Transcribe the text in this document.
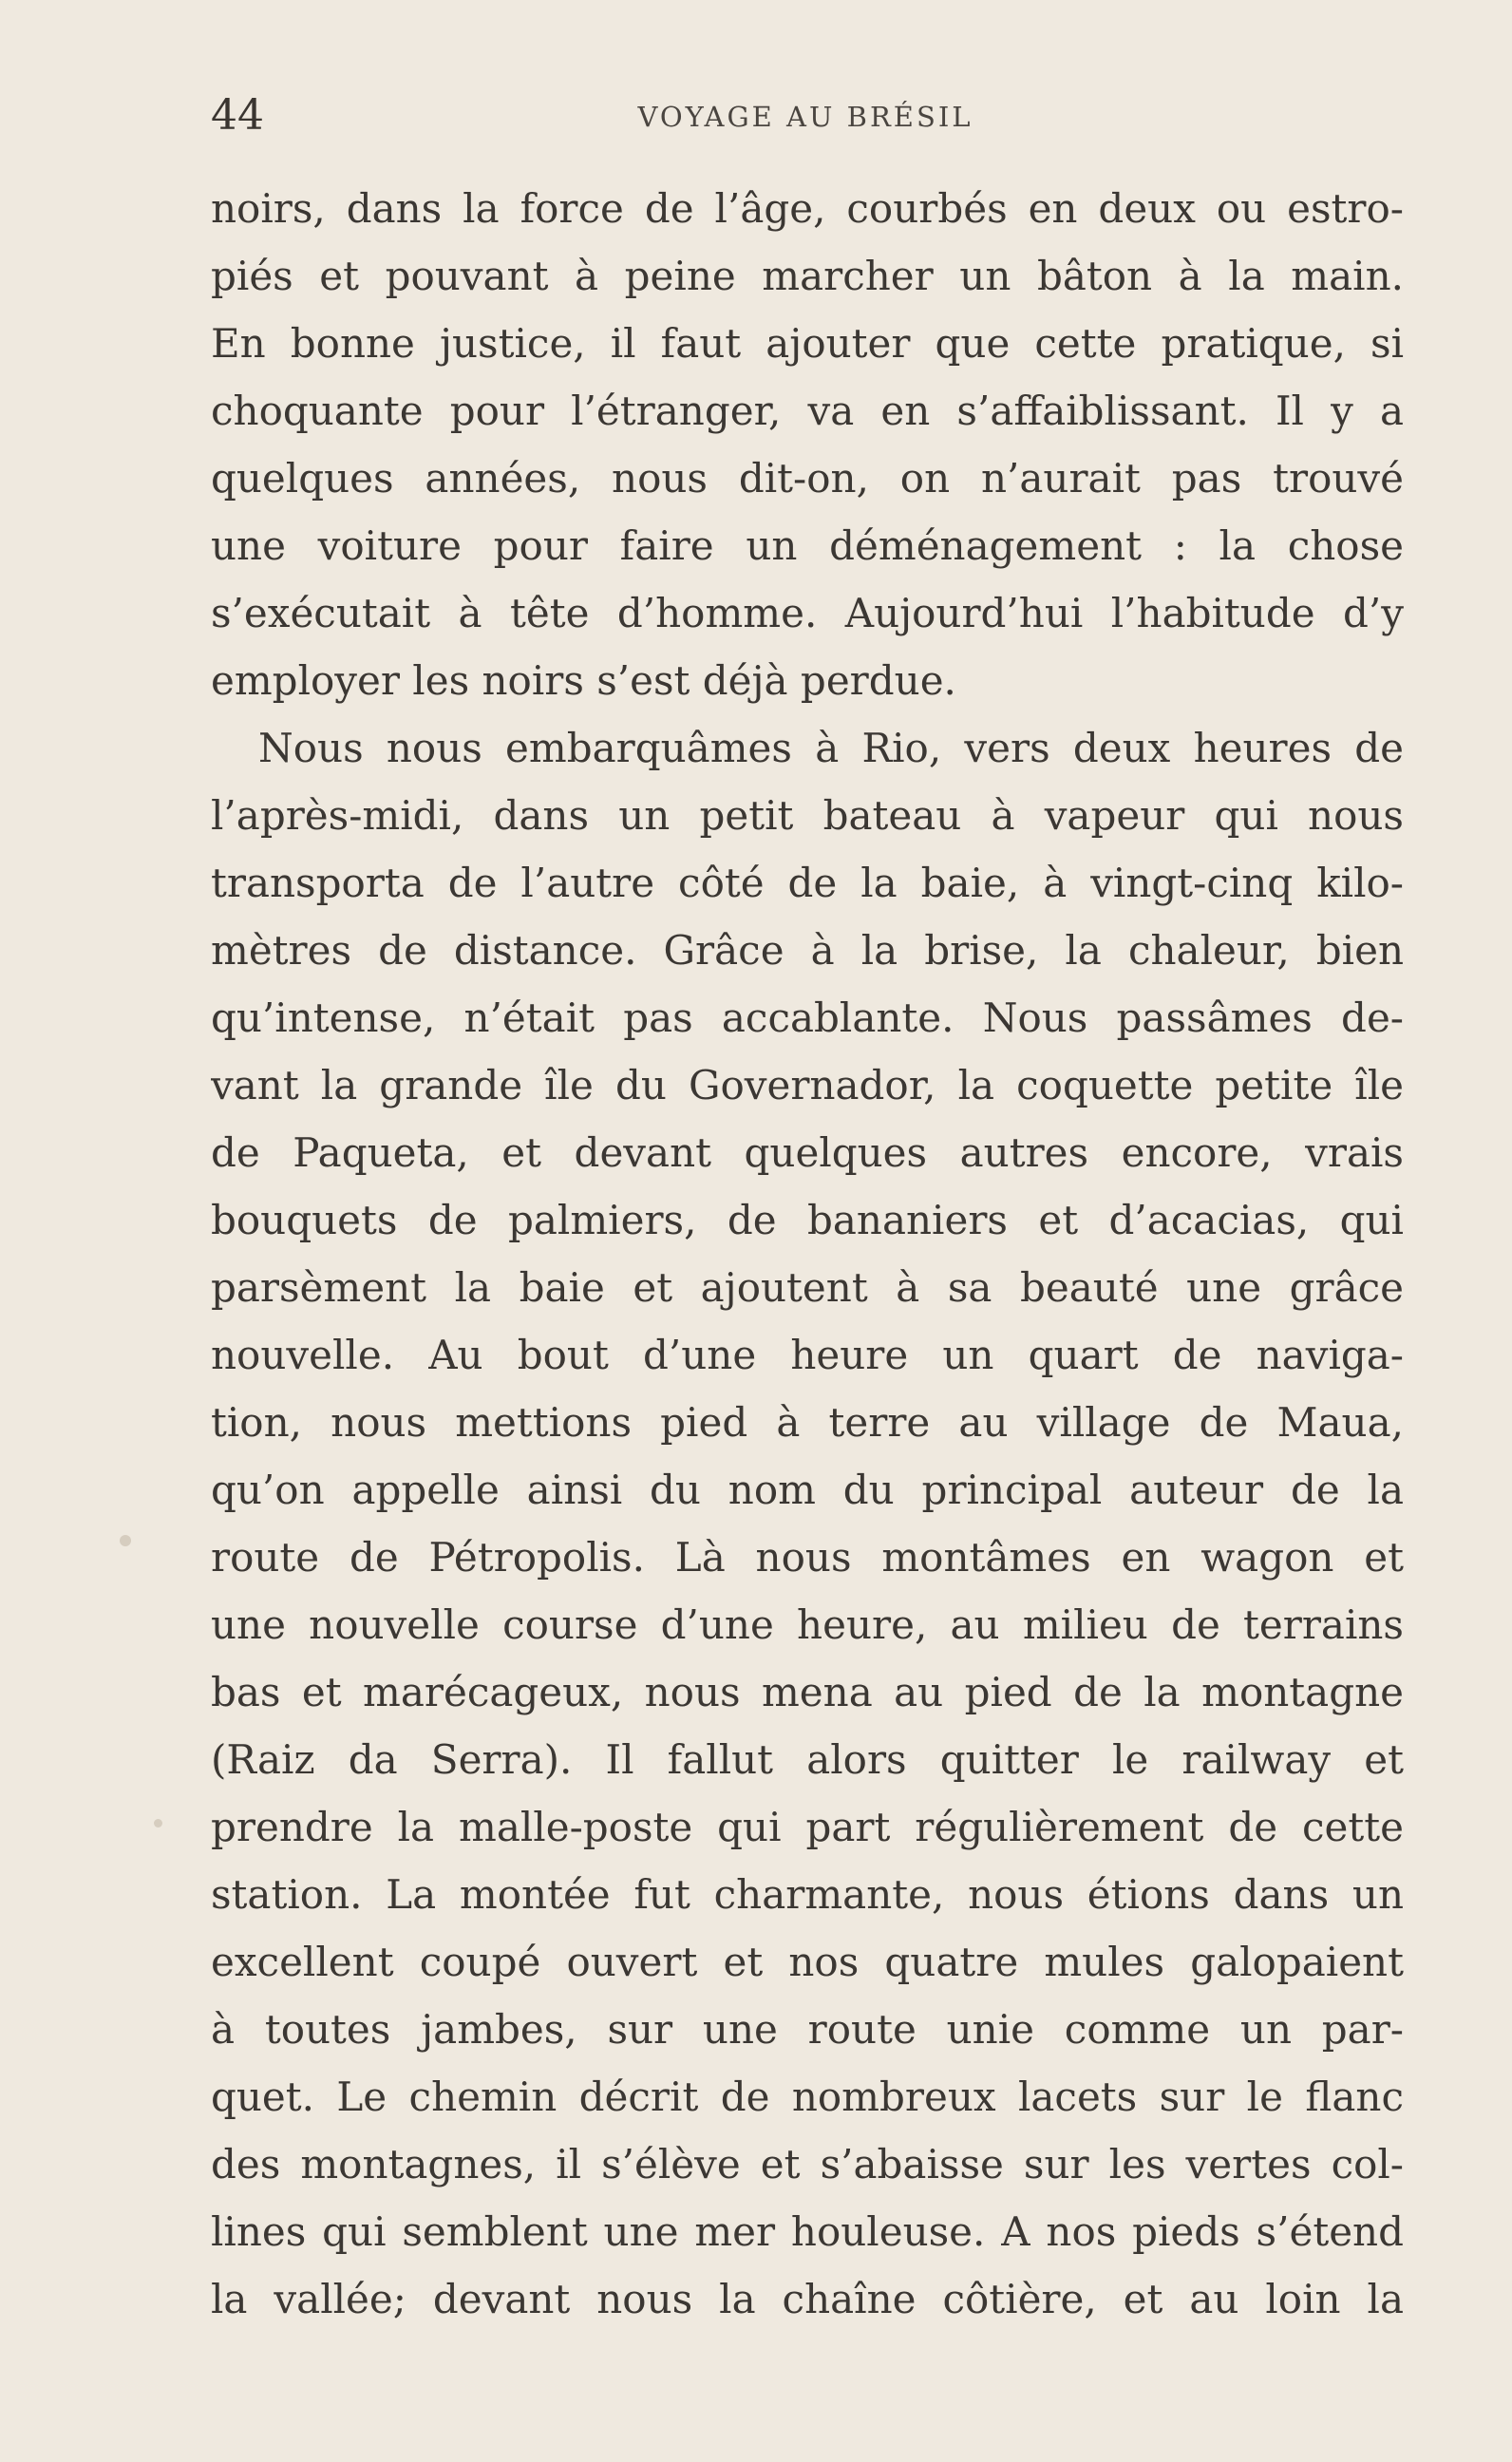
44	VOYAGE AU BRÉSIL
noirs, dans la force de l’âge, courbés en deux ou estro-
piés et pouvant à peine marcher un bâton à la main.
En bonne justice, il faut ajouter que cette pratique, si
choquante pour l’étranger, va en s’affaiblissant. Il y a
quelques années, nous dit-on, on n’aurait pas trouvé
une voiture pour faire un déménagement : la chose
s’exécutait à tête d’homme. Aujourd’hui l’habitude d’y
employer les noirs s’est déjà perdue.
Nous nous embarquâmes à Rio, vers deux heures de
l’après-midi, dans un petit bateau à vapeur qui nous
transporta de l’autre côté de la baie, à vingt-cinq kilo-
mètres de distance. Grâce à la brise, la chaleur, bien
qu’intense, n’était pas accablante. Nous passâmes de-
vant la grande île du Governador, la coquette petite île
de Paqueta, et devant quelques autres encore, vrais
bouquets de palmiers, de bananiers et d’acacias, qui
parsèment la baie et ajoutent à sa beauté une grâce
nouvelle. Au bout d’une heure un quart de naviga-
tion, nous mettions pied à terre au village de Maua,
qu’on appelle ainsi du nom du principal auteur de la
route de Pétropolis. Là nous montâmes en wagon et
une nouvelle course d’une heure, au milieu de terrains
bas et marécageux, nous mena au pied de la montagne
(Raiz da Serra). Il fallut alors quitter le railway et
prendre la malle-poste qui part régulièrement de cette
station. La montée fut charmante, nous étions dans un
excellent coupé ouvert et nos quatre mules galopaient
à toutes jambes, sur une route unie comme un par-
quet. Le chemin décrit de nombreux lacets sur le flanc
des montagnes, il s’élève et s’abaisse sur les vertes col-
lines qui semblent une mer houleuse. A nos pieds s’étend
la vallée; devant nous la chaîne côtière, et au loin la
